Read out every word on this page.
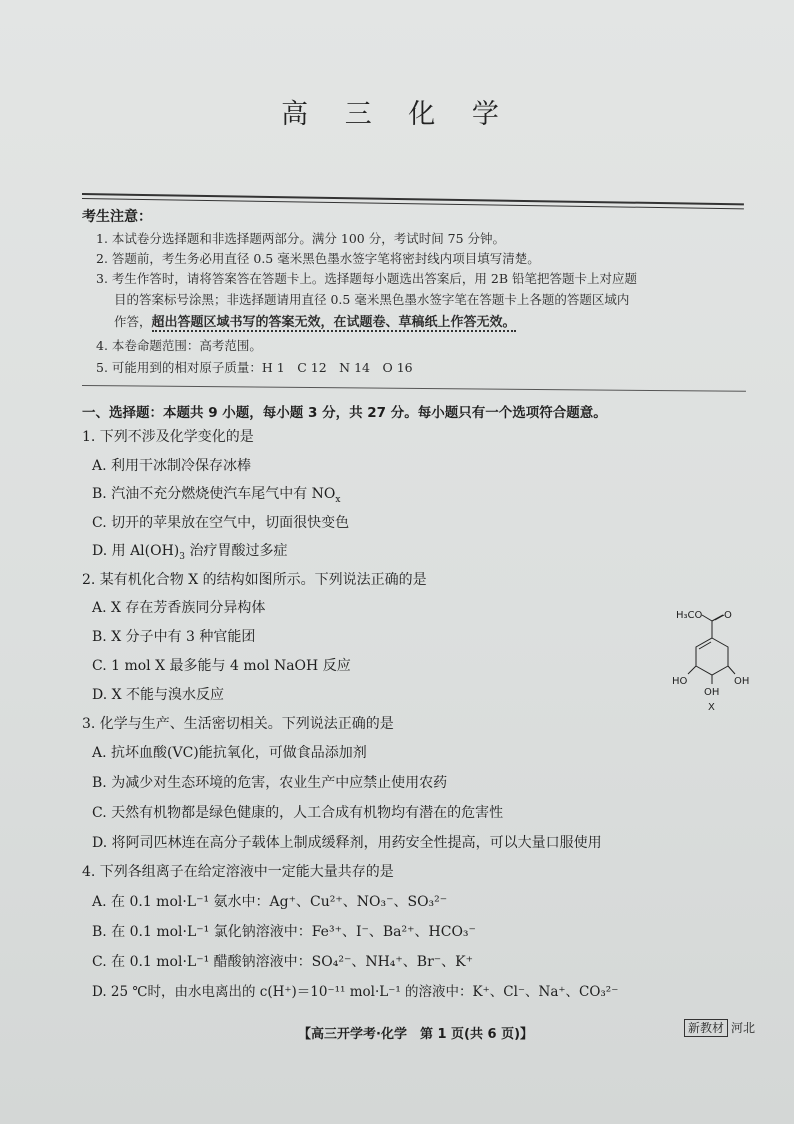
高 三 化 学
考生注意：
1. 本试卷分选择题和非选择题两部分。满分 100 分，考试时间 75 分钟。
2. 答题前，考生务必用直径 0.5 毫米黑色墨水签字笔将密封线内项目填写清楚。
3. 考生作答时，请将答案答在答题卡上。选择题每小题选出答案后，用 2B 铅笔把答题卡上对应题
目的答案标号涂黑；非选择题请用直径 0.5 毫米黑色墨水签字笔在答题卡上各题的答题区域内
作答，超出答题区域书写的答案无效，在试题卷、草稿纸上作答无效。
4. 本卷命题范围：高考范围。
5. 可能用到的相对原子质量：H 1　C 12　N 14　O 16
一、选择题：本题共 9 小题，每小题 3 分，共 27 分。每小题只有一个选项符合题意。
1. 下列不涉及化学变化的是
A. 利用干冰制冷保存冰棒
B. 汽油不充分燃烧使汽车尾气中有 $NO_x$
C. 切开的苹果放在空气中，切面很快变色
D. 用 $Al(OH)_3$ 治疗胃酸过多症
2. 某有机化合物 X 的结构如图所示。下列说法正确的是
A. X 存在芳香族同分异构体
B. X 分子中有 3 种官能团
C. 1 mol X 最多能与 4 mol NaOH 反应
D. X 不能与溴水反应
H₃CO O
HO
OH
OH
X
3. 化学与生产、生活密切相关。下列说法正确的是
A. 抗坏血酸(VC)能抗氧化，可做食品添加剂
B. 为减少对生态环境的危害，农业生产中应禁止使用农药
C. 天然有机物都是绿色健康的，人工合成有机物均有潜在的危害性
D. 将阿司匹林连在高分子载体上制成缓释剂，用药安全性提高，可以大量口服使用
4. 下列各组离子在给定溶液中一定能大量共存的是
A. 在 0.1 mol·L⁻¹ 氨水中：Ag⁺、Cu²⁺、NO₃⁻、SO₃²⁻
B. 在 0.1 mol·L⁻¹ 氯化钠溶液中：Fe³⁺、I⁻、Ba²⁺、HCO₃⁻
C. 在 0.1 mol·L⁻¹ 醋酸钠溶液中：SO₄²⁻、NH₄⁺、Br⁻、K⁺
D. 25 ℃时，由水电离出的 c(H⁺)＝10⁻¹¹ mol·L⁻¹ 的溶液中：K⁺、Cl⁻、Na⁺、CO₃²⁻
【高三开学考·化学　第 1 页(共 6 页)】	新教材 河北
